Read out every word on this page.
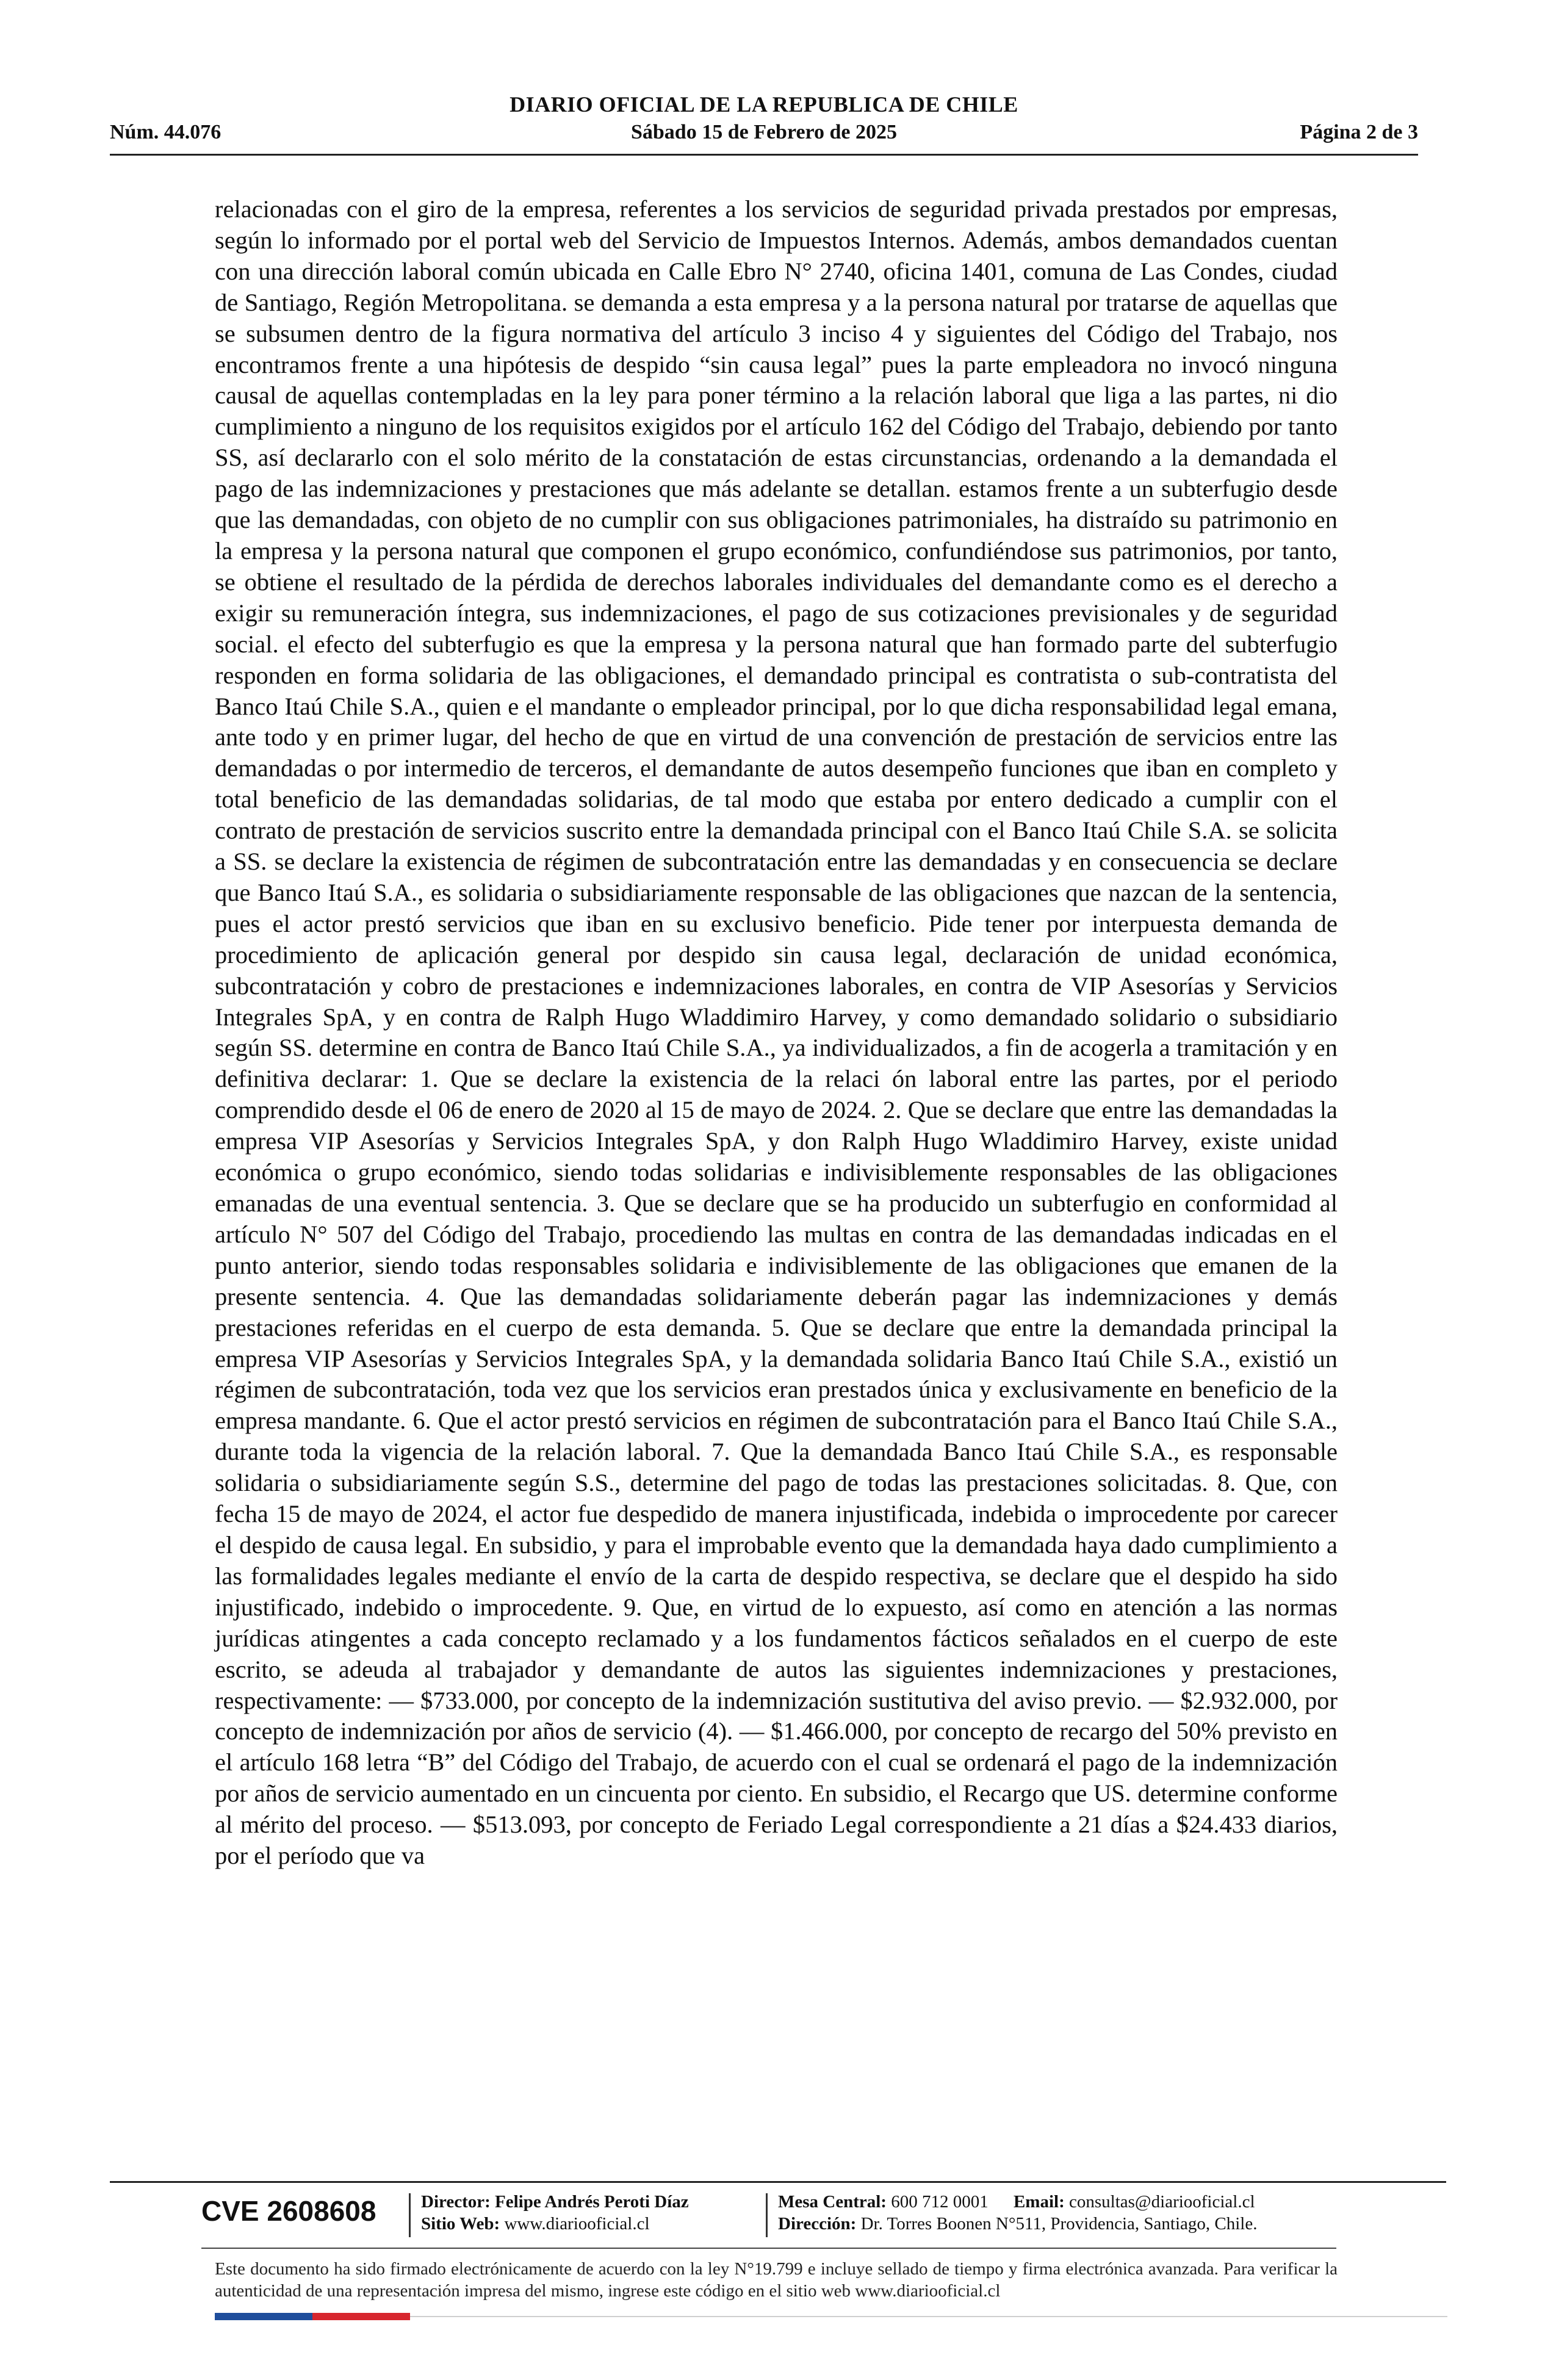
DIARIO OFICIAL DE LA REPUBLICA DE CHILE
Núm. 44.076	Sábado 15 de Febrero de 2025	Página 2 de 3

relacionadas con el giro de la empresa, referentes a los servicios de seguridad privada prestados por empresas, según lo informado por el portal web del Servicio de Impuestos Internos. Además, ambos demandados cuentan con una dirección laboral común ubicada en Calle Ebro N° 2740, oficina 1401, comuna de Las Condes, ciudad de Santiago, Región Metropolitana. se demanda a esta empresa y a la persona natural por tratarse de aquellas que se subsumen dentro de la figura normativa del artículo 3 inciso 4 y siguientes del Código del Trabajo, nos encontramos frente a una hipótesis de despido “sin causa legal” pues la parte empleadora no invocó ninguna causal de aquellas contempladas en la ley para poner término a la relación laboral que liga a las partes, ni dio cumplimiento a ninguno de los requisitos exigidos por el artículo 162 del Código del Trabajo, debiendo por tanto SS, así declararlo con el solo mérito de la constatación de estas circunstancias, ordenando a la demandada el pago de las indemnizaciones y prestaciones que más adelante se detallan. estamos frente a un subterfugio desde que las demandadas, con objeto de no cumplir con sus obligaciones patrimoniales, ha distraído su patrimonio en la empresa y la persona natural que componen el grupo económico, confundiéndose sus patrimonios, por tanto, se obtiene el resultado de la pérdida de derechos laborales individuales del demandante como es el derecho a exigir su remuneración íntegra, sus indemnizaciones, el pago de sus cotizaciones previsionales y de seguridad social. el efecto del subterfugio es que la empresa y la persona natural que han formado parte del subterfugio responden en forma solidaria de las obligaciones, el demandado principal es contratista o sub-contratista del Banco Itaú Chile S.A., quien e el mandante o empleador principal, por lo que dicha responsabilidad legal emana, ante todo y en primer lugar, del hecho de que en virtud de una convención de prestación de servicios entre las demandadas o por intermedio de terceros, el demandante de autos desempeño funciones que iban en completo y total beneficio de las demandadas solidarias, de tal modo que estaba por entero dedicado a cumplir con el contrato de prestación de servicios suscrito entre la demandada principal con el Banco Itaú Chile S.A. se solicita a SS. se declare la existencia de régimen de subcontratación entre las demandadas y en consecuencia se declare que Banco Itaú S.A., es solidaria o subsidiariamente responsable de las obligaciones que nazcan de la sentencia, pues el actor prestó servicios que iban en su exclusivo beneficio. Pide tener por interpuesta demanda de procedimiento de aplicación general por despido sin causa legal, declaración de unidad económica, subcontratación y cobro de prestaciones e indemnizaciones laborales, en contra de VIP Asesorías y Servicios Integrales SpA, y en contra de Ralph Hugo Wladdimiro Harvey, y como demandado solidario o subsidiario según SS. determine en contra de Banco Itaú Chile S.A., ya individualizados, a fin de acogerla a tramitación y en definitiva declarar: 1. Que se declare la existencia de la relaci ón laboral entre las partes, por el periodo comprendido desde el 06 de enero de 2020 al 15 de mayo de 2024. 2. Que se declare que entre las demandadas la empresa VIP Asesorías y Servicios Integrales SpA, y don Ralph Hugo Wladdimiro Harvey, existe unidad económica o grupo económico, siendo todas solidarias e indivisiblemente responsables de las obligaciones emanadas de una eventual sentencia. 3. Que se declare que se ha producido un subterfugio en conformidad al artículo N° 507 del Código del Trabajo, procediendo las multas en contra de las demandadas indicadas en el punto anterior, siendo todas responsables solidaria e indivisiblemente de las obligaciones que emanen de la presente sentencia. 4. Que las demandadas solidariamente deberán pagar las indemnizaciones y demás prestaciones referidas en el cuerpo de esta demanda. 5. Que se declare que entre la demandada principal la empresa VIP Asesorías y Servicios Integrales SpA, y la demandada solidaria Banco Itaú Chile S.A., existió un régimen de subcontratación, toda vez que los servicios eran prestados única y exclusivamente en beneficio de la empresa mandante. 6. Que el actor prestó servicios en régimen de subcontratación para el Banco Itaú Chile S.A., durante toda la vigencia de la relación laboral. 7. Que la demandada Banco Itaú Chile S.A., es responsable solidaria o subsidiariamente según S.S., determine del pago de todas las prestaciones solicitadas. 8. Que, con fecha 15 de mayo de 2024, el actor fue despedido de manera injustificada, indebida o improcedente por carecer el despido de causa legal. En subsidio, y para el improbable evento que la demandada haya dado cumplimiento a las formalidades legales mediante el envío de la carta de despido respectiva, se declare que el despido ha sido injustificado, indebido o improcedente. 9. Que, en virtud de lo expuesto, así como en atención a las normas jurídicas atingentes a cada concepto reclamado y a los fundamentos fácticos señalados en el cuerpo de este escrito, se adeuda al trabajador y demandante de autos las siguientes indemnizaciones y prestaciones, respectivamente: — $733.000, por concepto de la indemnización sustitutiva del aviso previo. — $2.932.000, por concepto de indemnización por años de servicio (4). — $1.466.000, por concepto de recargo del 50% previsto en el artículo 168 letra “B” del Código del Trabajo, de acuerdo con el cual se ordenará el pago de la indemnización por años de servicio aumentado en un cincuenta por ciento. En subsidio, el Recargo que US. determine conforme al mérito del proceso. — $513.093, por concepto de Feriado Legal correspondiente a 21 días a $24.433 diarios, por el período que va

CVE 2608608	Director: Felipe Andrés Peroti Díaz
Sitio Web: www.diariooficial.cl
Mesa Central: 600 712 0001 Email: consultas@diariooficial.cl
Dirección: Dr. Torres Boonen N°511, Providencia, Santiago, Chile.
Este documento ha sido firmado electrónicamente de acuerdo con la ley N°19.799 e incluye sellado de tiempo y firma electrónica avanzada. Para verificar la autenticidad de una representación impresa del mismo, ingrese este código en el sitio web www.diariooficial.cl
